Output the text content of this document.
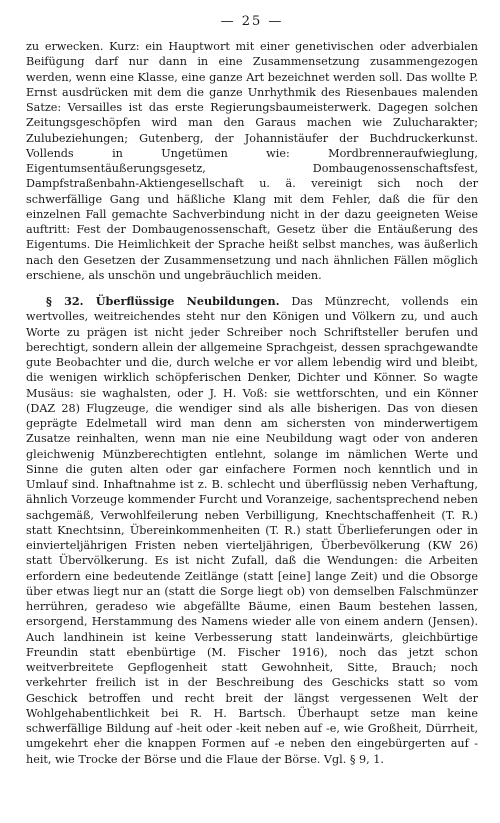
— 25 —

zu erwecken. Kurz: ein Hauptwort mit einer genetivischen oder adverbialen Beifügung darf nur dann in eine Zusammensetzung zusammengezogen werden, wenn eine Klasse, eine ganze Art bezeichnet werden soll. Das wollte P. Ernst ausdrücken mit dem die ganze Unrhythmik des Riesenbaues malenden Satze: Versailles ist das erste Regierungsbaumeisterwerk. Dagegen solchen Zeitungsgeschöpfen wird man den Garaus machen wie Zulucharakter; Zulubeziehungen; Gutenberg, der Johannistäufer der Buchdruckerkunst. Vollends in Ungetümen wie: Mordbrenneraufwieglung, Eigentumsentäußerungsgesetz, Dombaugenossenschaftsfest, Dampfstraßenbahn-Aktiengesellschaft u. ä. vereinigt sich noch der schwerfällige Gang und häßliche Klang mit dem Fehler, daß die für den einzelnen Fall gemachte Sachverbindung nicht in der dazu geeigneten Weise auftritt: Fest der Dombaugenossenschaft, Gesetz über die Entäußerung des Eigentums. Die Heimlichkeit der Sprache heißt selbst manches, was äußerlich nach den Gesetzen der Zusammensetzung und nach ähnlichen Fällen möglich erschiene, als unschön und ungebräuchlich meiden.

§ 32. Überflüssige Neubildungen. Das Münzrecht, vollends ein wertvolles, weitreichendes steht nur den Königen und Völkern zu, und auch Worte zu prägen ist nicht jeder Schreiber noch Schriftsteller berufen und berechtigt, sondern allein der allgemeine Sprachgeist, dessen sprachgewandte gute Beobachter und die, durch welche er vor allem lebendig wird und bleibt, die wenigen wirklich schöpferischen Denker, Dichter und Könner. So wagte Musäus: sie waghalsten, oder J. H. Voß: sie wettforschten, und ein Könner (DAZ 28) Flugzeuge, die wendiger sind als alle bisherigen. Das von diesen geprägte Edelmetall wird man denn am sichersten von minderwertigem Zusatze reinhalten, wenn man nie eine Neubildung wagt oder von anderen gleichwenig Münzberechtigten entlehnt, solange im nämlichen Werte und Sinne die guten alten oder gar einfachere Formen noch kenntlich und in Umlauf sind. Inhaftnahme ist z. B. schlecht und überflüssig neben Verhaftung, ähnlich Vorzeuge kommender Furcht und Voranzeige, sachentsprechend neben sachgemäß, Verwohlfeilerung neben Verbilligung, Knechtschaffenheit (T. R.) statt Knechtsinn, Übereinkommenheiten (T. R.) statt Überlieferungen oder in einvierteljährigen Fristen neben vierteljährigen, Überbevölkerung (KW 26) statt Übervölkerung. Es ist nicht Zufall, daß die Wendungen: die Arbeiten erfordern eine bedeutende Zeitlänge (statt [eine] lange Zeit) und die Obsorge über etwas liegt nur an (statt die Sorge liegt ob) von demselben Falschmünzer herrühren, geradeso wie abgefällte Bäume, einen Baum bestehen lassen, ersorgend, Herstammung des Namens wieder alle von einem andern (Jensen). Auch landhinein ist keine Verbesserung statt landeinwärts, gleichbürtige Freundin statt ebenbürtige (M. Fischer 1916), noch das jetzt schon weitverbreitete Gepflogenheit statt Gewohnheit, Sitte, Brauch; noch verkehrter freilich ist in der Beschreibung des Geschicks statt so vom Geschick betroffen und recht breit der längst vergessenen Welt der Wohlgehabentlichkeit bei R. H. Bartsch. Überhaupt setze man keine schwerfällige Bildung auf -heit oder -keit neben auf -e, wie Großheit, Dürrheit, umgekehrt eher die knappen Formen auf -e neben den eingebürgerten auf -heit, wie Trocke der Börse und die Flaue der Börse. Vgl. § 9, 1.
